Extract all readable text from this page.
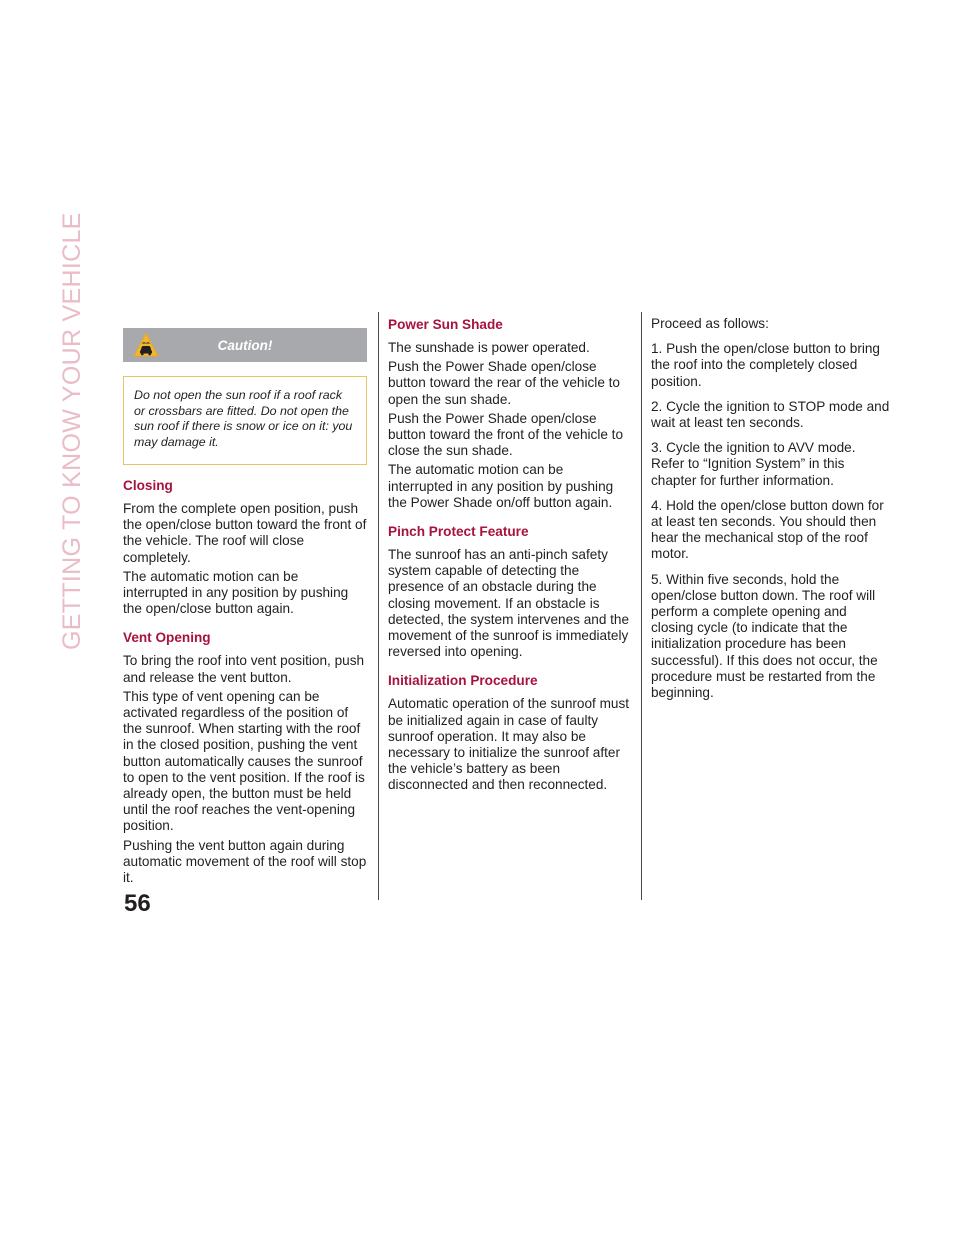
GETTING TO KNOW YOUR VEHICLE	Caution!
Do not open the sun roof if a roof rack or crossbars are fitted. Do not open the sun roof if there is snow or ice on it: you may damage it.
Closing

From the complete open position, push the open/close button toward the front of the vehicle. The roof will close completely.

The automatic motion can be interrupted in any position by pushing the open/close button again.

Vent Opening

To bring the roof into vent position, push and release the vent button.

This type of vent opening can be activated regardless of the position of the sunroof. When starting with the roof in the closed position, pushing the vent button automatically causes the sunroof to open to the vent position. If the roof is already open, the button must be held until the roof reaches the vent-opening position.

Pushing the vent button again during automatic movement of the roof will stop it.

Power Sun Shade

The sunshade is power operated.

Push the Power Shade open/close button toward the rear of the vehicle to open the sun shade.

Push the Power Shade open/close button toward the front of the vehicle to close the sun shade.

The automatic motion can be interrupted in any position by pushing the Power Shade on/off button again.

Pinch Protect Feature

The sunroof has an anti-pinch safety system capable of detecting the presence of an obstacle during the closing movement. If an obstacle is detected, the system intervenes and the movement of the sunroof is immediately reversed into opening.

Initialization Procedure

Automatic operation of the sunroof must be initialized again in case of faulty sunroof operation. It may also be necessary to initialize the sunroof after the vehicle’s battery as been disconnected and then reconnected.

Proceed as follows:

1. Push the open/close button to bring the roof into the completely closed position.

2. Cycle the ignition to STOP mode and wait at least ten seconds.

3. Cycle the ignition to AVV mode. Refer to “Ignition System” in this chapter for further information.

4. Hold the open/close button down for at least ten seconds. You should then hear the mechanical stop of the roof motor.

5. Within five seconds, hold the open/close button down. The roof will perform a complete opening and closing cycle (to indicate that the initialization procedure has been successful). If this does not occur, the procedure must be restarted from the beginning.

56
